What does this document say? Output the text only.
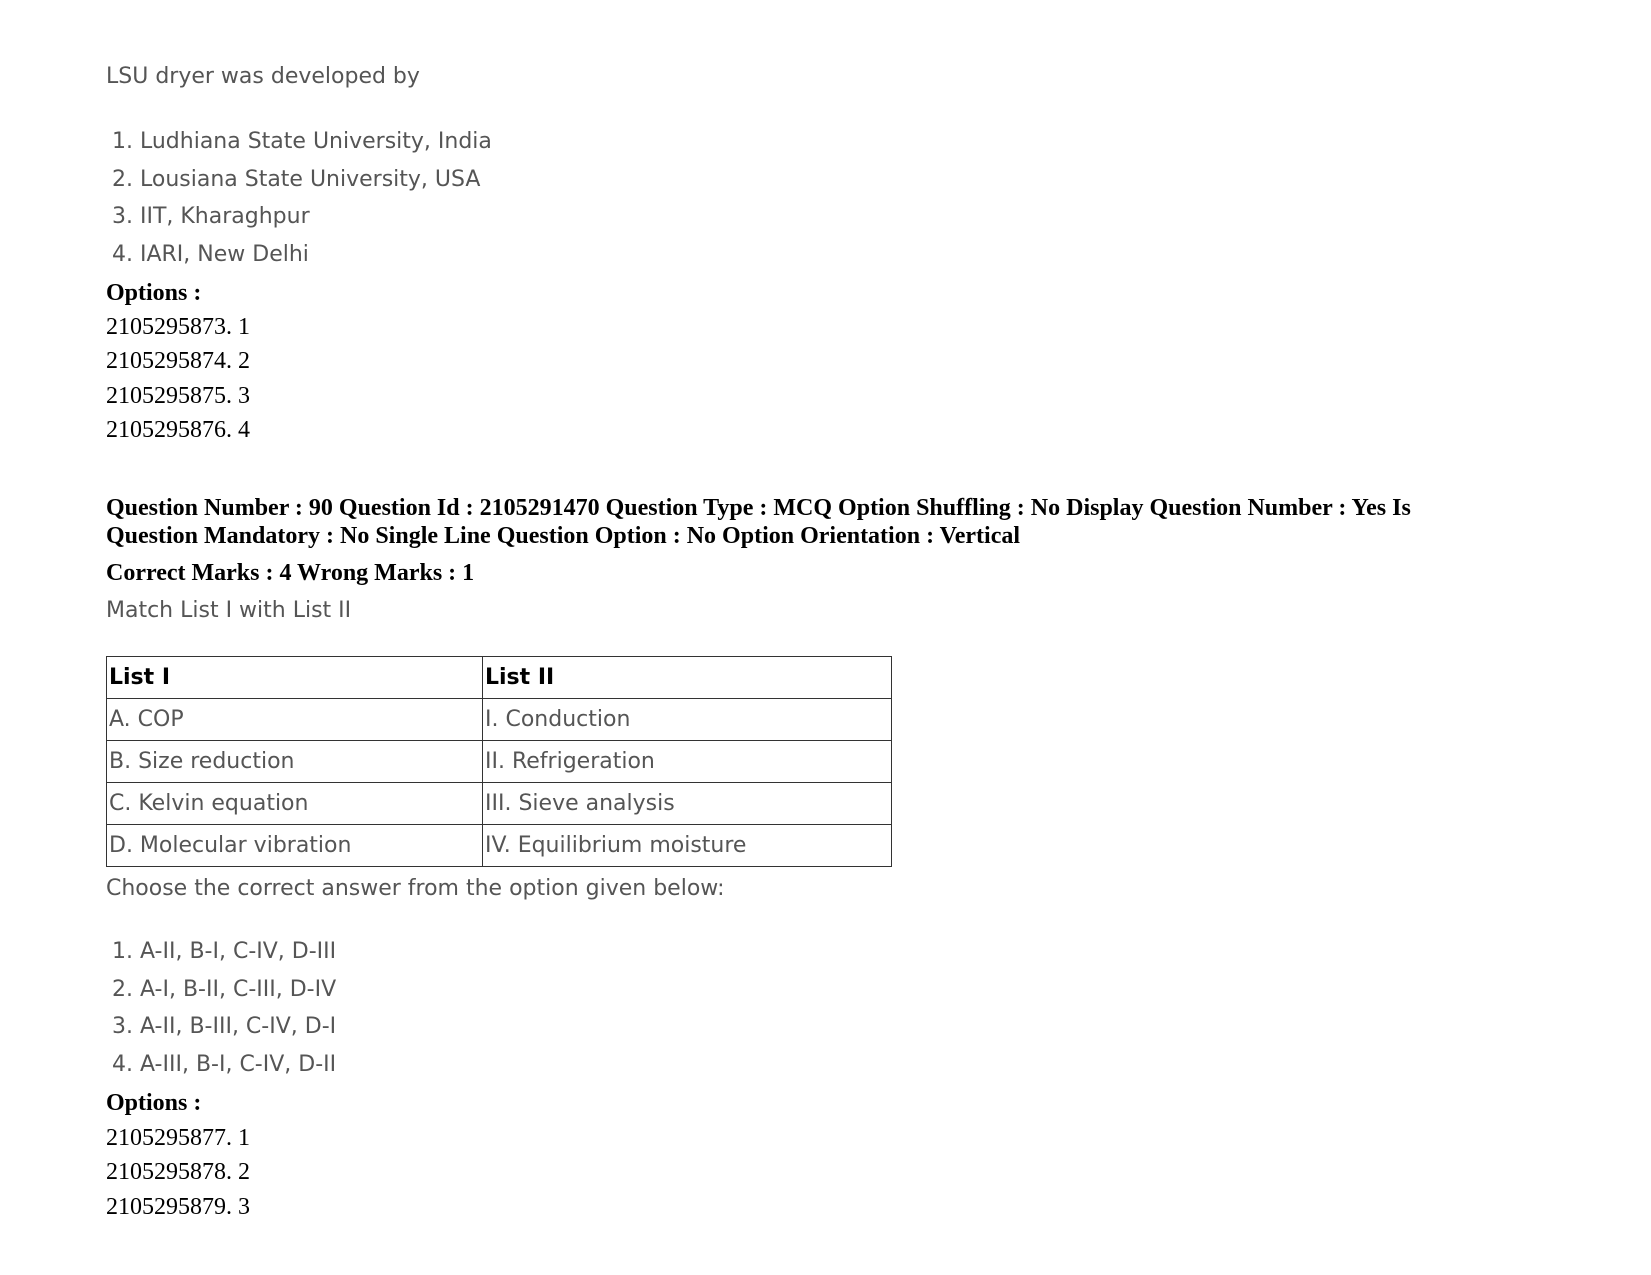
LSU dryer was developed by

1. Ludhiana State University, India
2. Lousiana State University, USA
3. IIT, Kharaghpur
4. IARI, New Delhi

Options :

2105295873. 1

2105295874. 2

2105295875. 3

2105295876. 4

Question Number : 90 Question Id : 2105291470 Question Type : MCQ Option Shuffling : No Display Question Number : Yes Is
Question Mandatory : No Single Line Question Option : No Option Orientation : Vertical

Correct Marks : 4 Wrong Marks : 1

Match List I with List II

List I	List II
A. COP	I. Conduction
B. Size reduction	II. Refrigeration
C. Kelvin equation	III. Sieve analysis
D. Molecular vibration	IV. Equilibrium moisture

Choose the correct answer from the option given below:

1. A-II, B-I, C-IV, D-III
2. A-I, B-II, C-III, D-IV
3. A-II, B-III, C-IV, D-I
4. A-III, B-I, C-IV, D-II

Options :

2105295877. 1

2105295878. 2

2105295879. 3
